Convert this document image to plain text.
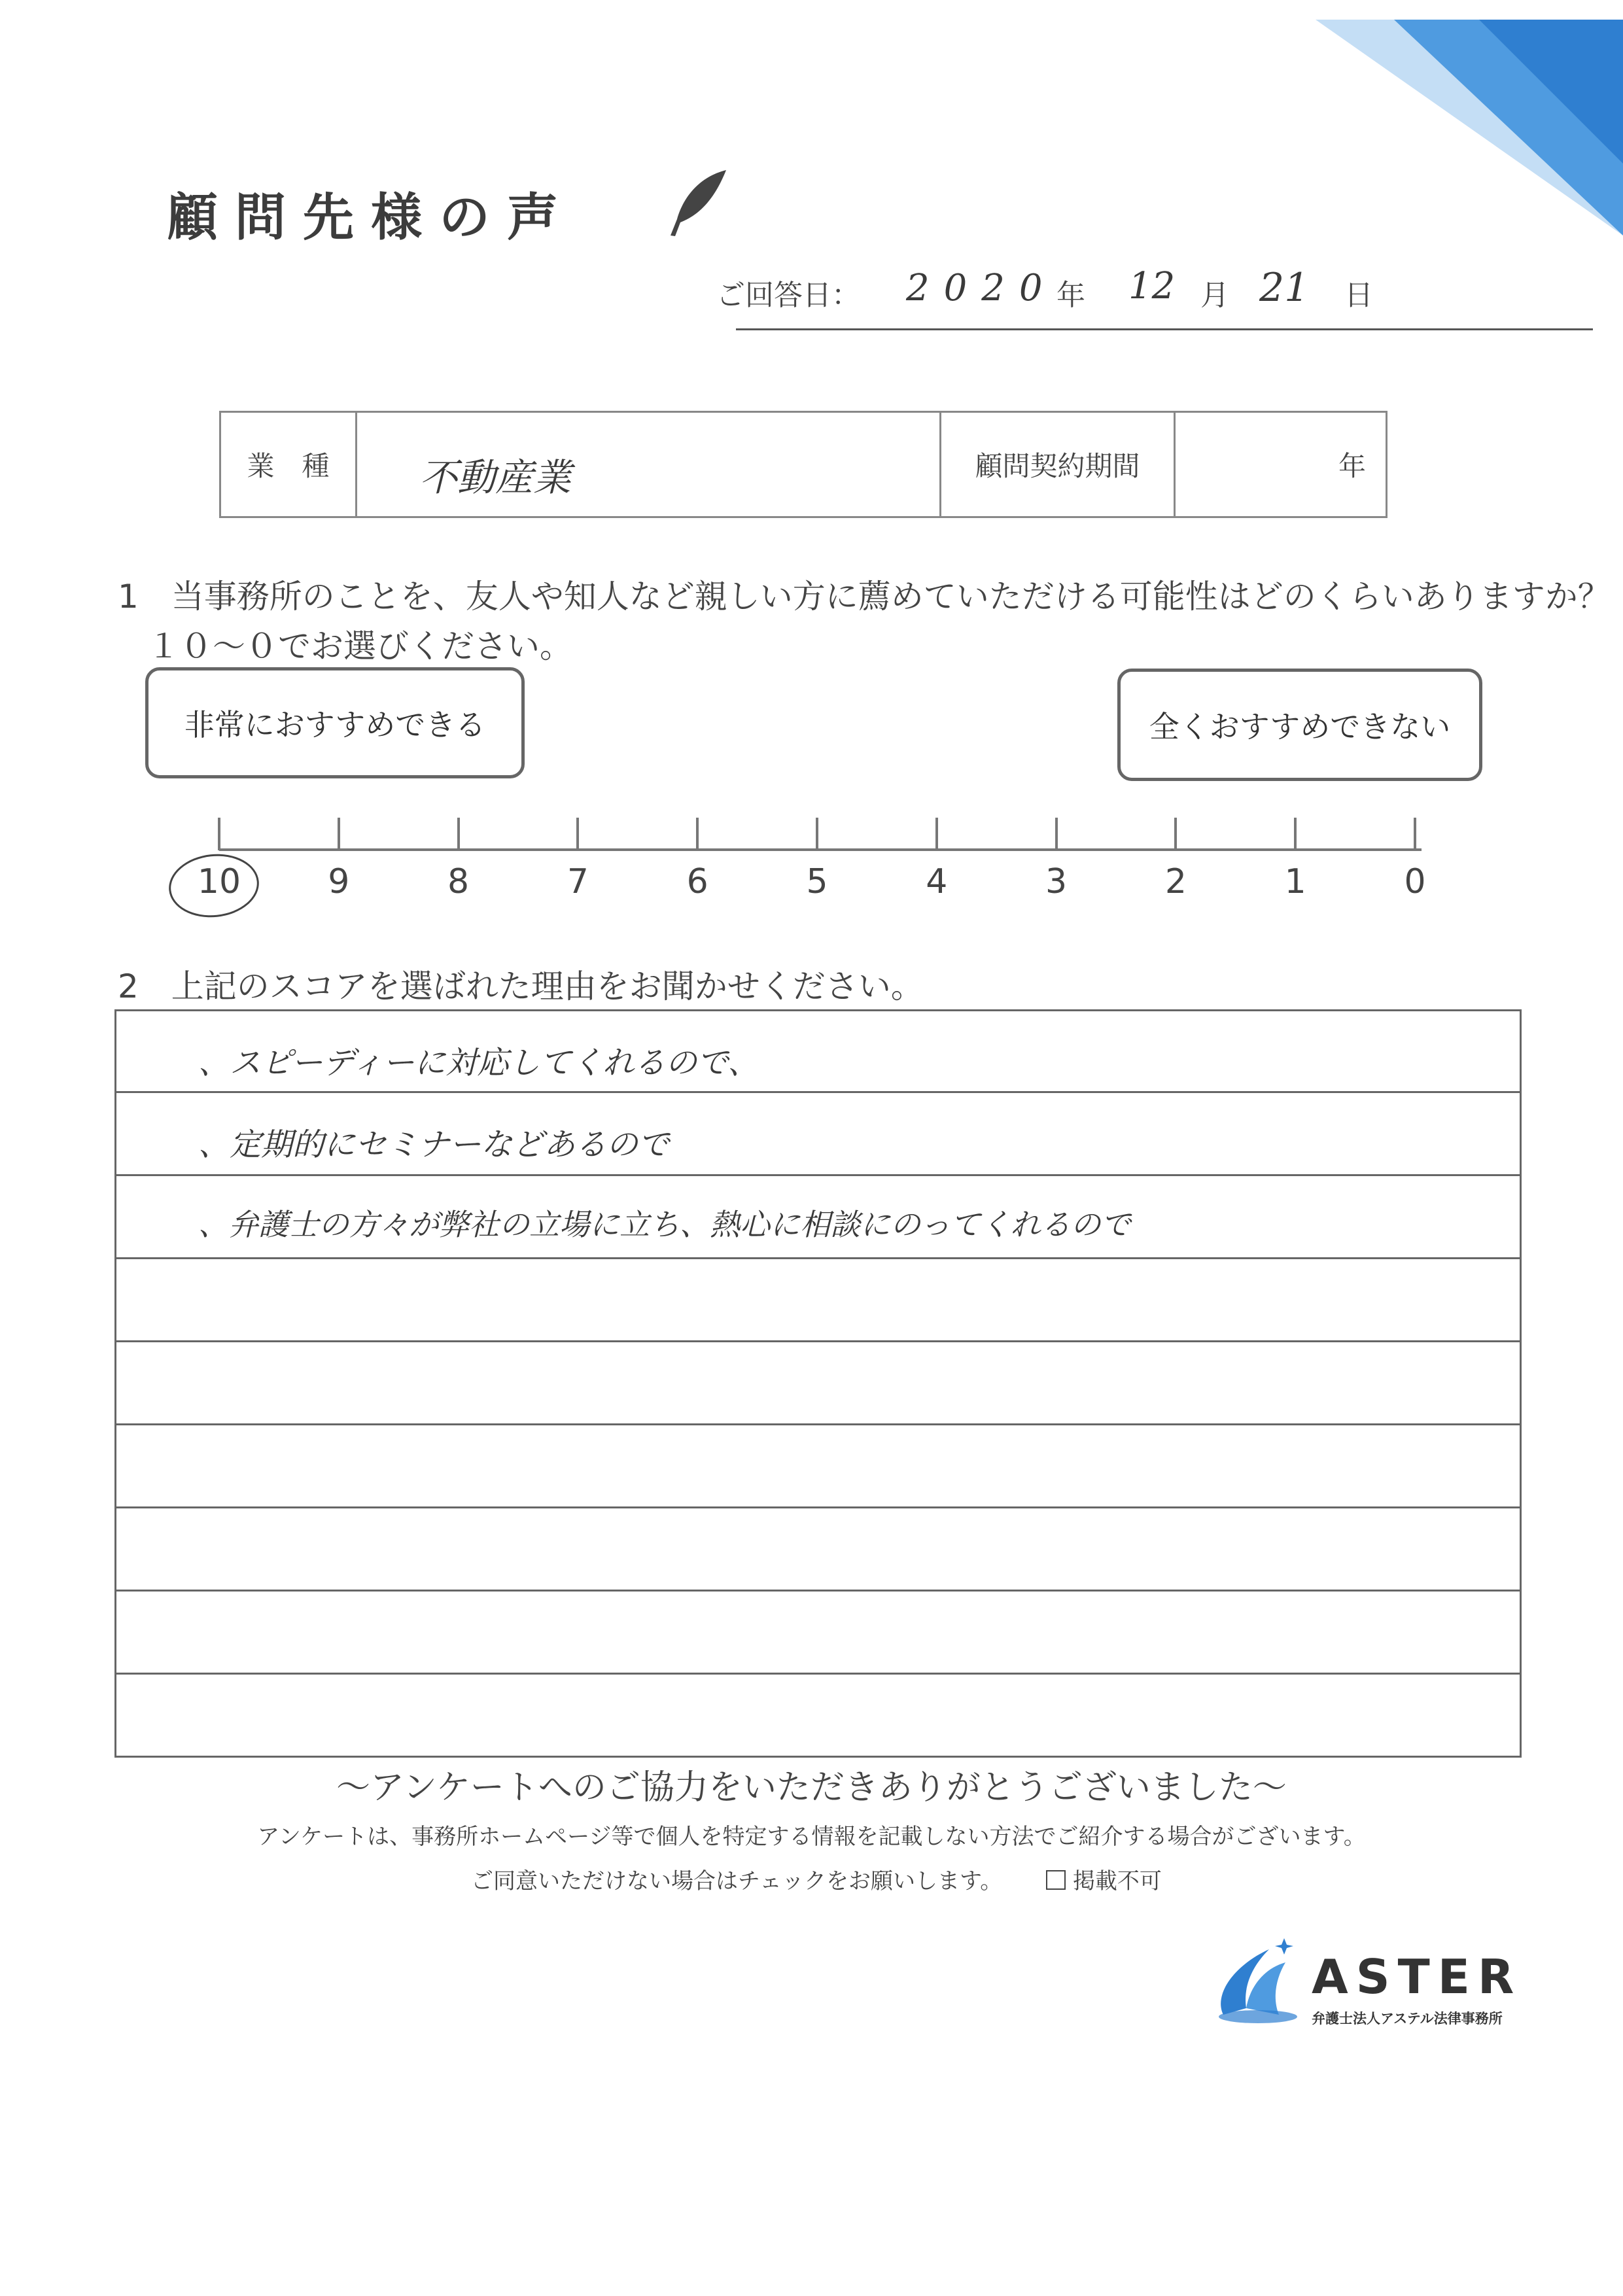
顧問先様の声
ご回答日： 2020 年 12 月 21 日
業　種	不動産業	顧問契約期間	年
1　当事務所のことを、友人や知人など親しい方に薦めていただける可能性はどのくらいありますか？
１０〜０でお選びください。
非常におすすめできる	全くおすすめできない
10	9	8	7	6	5	4	3	2	1	0
2　上記のスコアを選ばれた理由をお聞かせください。
、スピーディーに対応してくれるので、
、定期的にセミナーなどあるので
、弁護士の方々が弊社の立場に立ち、熱心に相談にのってくれるので
〜アンケートへのご協力をいただきありがとうございました〜
アンケートは、事務所ホームページ等で個人を特定する情報を記載しない方法でご紹介する場合がございます。
ご同意いただけない場合はチェックをお願いします。	掲載不可
ASTER
弁護士法人アステル法律事務所
